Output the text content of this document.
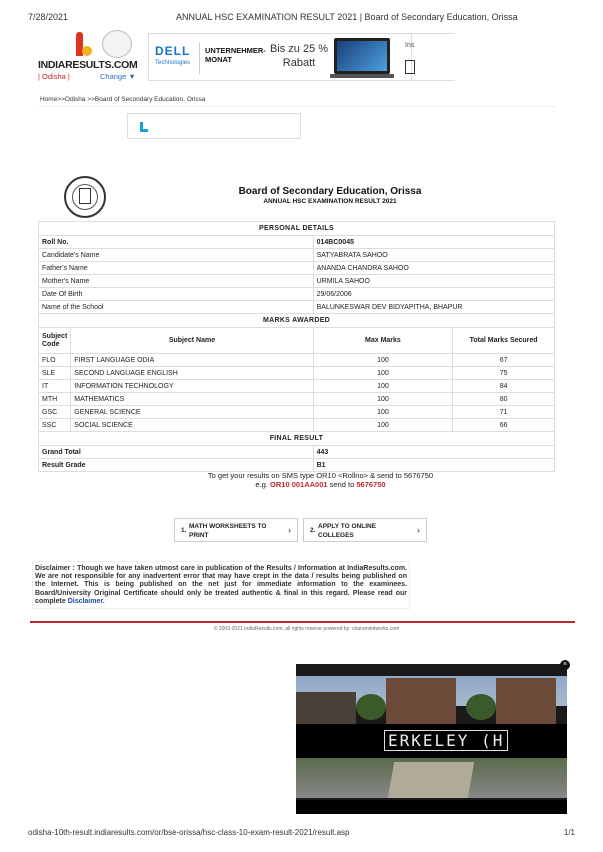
7/28/2021	ANNUAL HSC EXAMINATION RESULT 2021 | Board of Secondary Education, Orissa
INDIARESULTS.COM
| Odisha |	Change ▼
DELL
Technologies
UNTERNEHMER-MONAT
Bis zu 25 %
Rabatt
Ins
Home>>Odisha >>Board of Secondary Education, Orissa
Board of Secondary Education, Orissa
ANNUAL HSC EXAMINATION RESULT 2021
PERSONAL DETAILS			
Roll No.		014BC0045	
Candidate's Name		SATYABRATA SAHOO	
Father's Name		ANANDA CHANDRA SAHOO	
Mother's Name		URMILA SAHOO	
Date Of Birth		29/06/2006	
Name of the School		BALUNKESWAR DEV BIDYAPITHA, BHAPUR	
MARKS AWARDED			
Subject Code	Subject Name	Max Marks	Total Marks Secured
FLO	FIRST LANGUAGE ODIA	100	67
SLE	SECOND LANGUAGE ENGLISH	100	75
IT	INFORMATION TECHNOLOGY	100	84
MTH	MATHEMATICS	100	80
GSC	GENERAL SCIENCE	100	71
SSC	SOCIAL SCIENCE	100	66
FINAL RESULT			
Grand Total		443	
Result Grade		B1	
To get your results on SMS type OR10 <Rollno> & send to 5676750
e.g. OR10 001AA001 send to 5676750
1.
MATH WORKSHEETS TO PRINT
›	2.
APPLY TO ONLINE COLLEGES
›
Disclaimer : Though we have taken utmost care in publication of the Results / Information at IndiaResults.com. We are not responsible for any inadvertent error that may have crept in the data / results being published on the Internet. This is being published on the net just for immediate information to the examinees. Board/University Original Certificate should only be treated authentic & final in this regard. Please read our complete Disclaimer.
© 2003-2021 IndiaResults.com, all rights reserve powered by: charumindworks.com
ERKELEY (H
×
odisha-10th-result.indiaresults.com/or/bse-orissa/hsc-class-10-exam-result-2021/result.asp	1/1
